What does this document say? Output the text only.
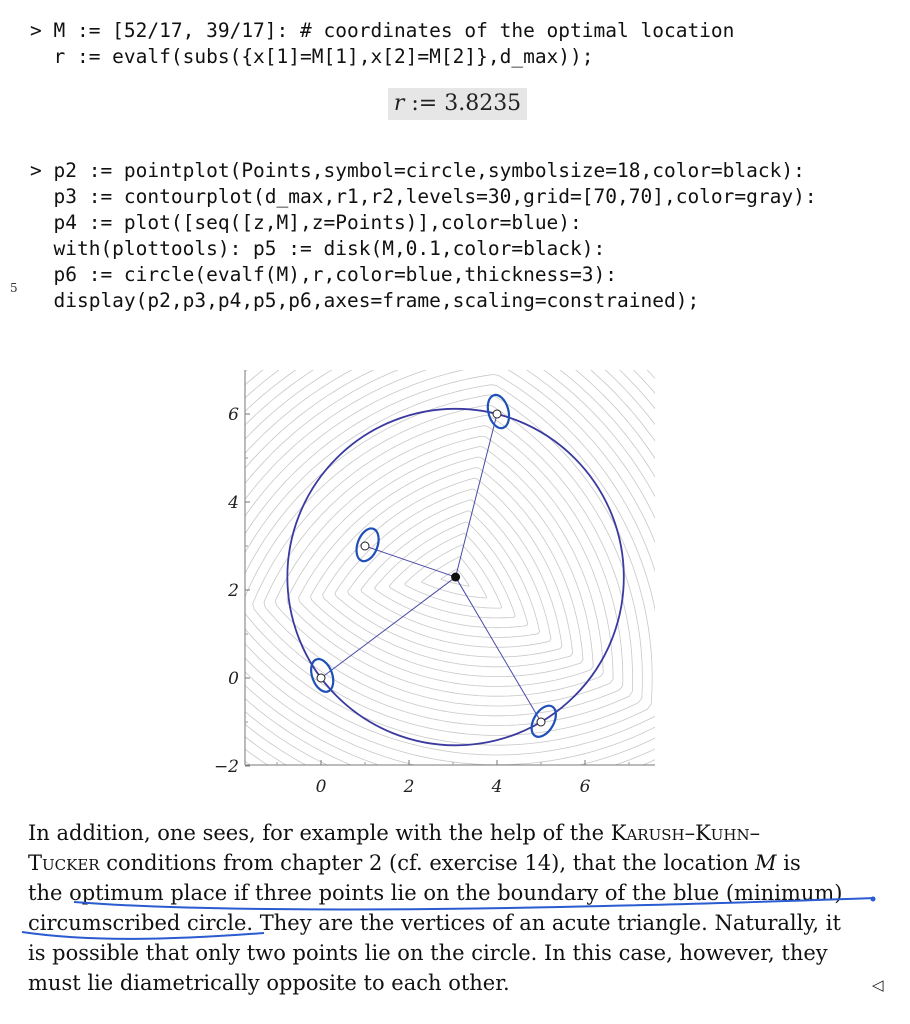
> M := [52/17, 39/17]: # coordinates of the optimal location

r := evalf(subs({x[1]=M[1],x[2]=M[2]},d_max));

r := 3.8235

> p2 := pointplot(Points,symbol=circle,symbolsize=18,color=black):

p3 := contourplot(d_max,r1,r2,levels=30,grid=[70,70],color=gray):

p4 := plot([seq([z,M],z=Points)],color=blue):

with(plottools): p5 := disk(M,0.1,color=black):

p6 := circle(evalf(M),r,color=blue,thickness=3):

display(p2,p3,p4,p5,p6,axes=frame,scaling=constrained);

5
0	2	4	6
−2
0
2
4
6
In addition, one sees, for example with the help of the Karush–Kuhn–
Tucker conditions from chapter 2 (cf. exercise 14), that the location M is
the optimum place if three points lie on the boundary of the blue (minimum)
circumscribed circle. They are the vertices of an acute triangle. Naturally, it
is possible that only two points lie on the circle. In this case, however, they
must lie diametrically opposite to each other.	◁
